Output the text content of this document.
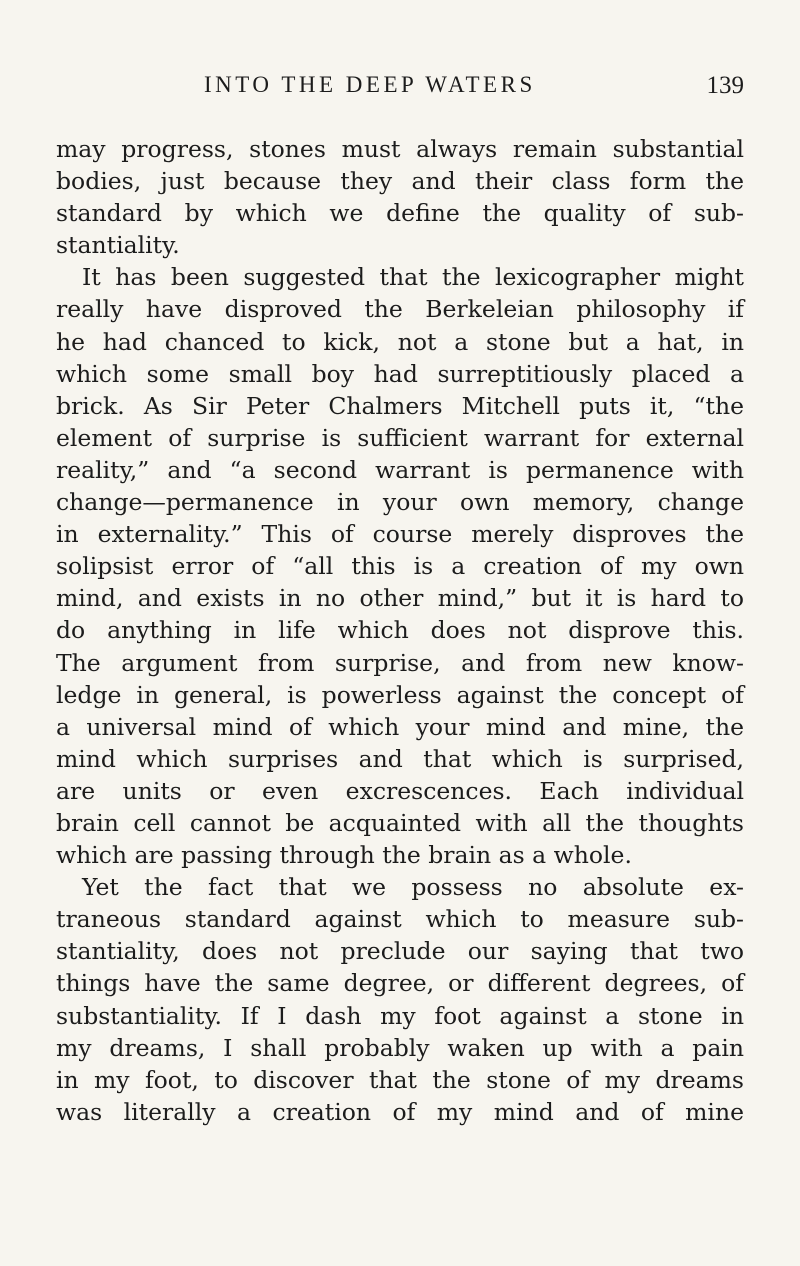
INTO THE DEEP WATERS	139
may progress, stones must always remain substantial
bodies, just because they and their class form the
standard by which we define the quality of sub-
stantiality.
It has been suggested that the lexicographer might
really have disproved the Berkeleian philosophy if
he had chanced to kick, not a stone but a hat, in
which some small boy had surreptitiously placed a
brick. As Sir Peter Chalmers Mitchell puts it, “the
element of surprise is sufficient warrant for external
reality,” and “a second warrant is permanence with
change—permanence in your own memory, change
in externality.” This of course merely disproves the
solipsist error of “all this is a creation of my own
mind, and exists in no other mind,” but it is hard to
do anything in life which does not disprove this.
The argument from surprise, and from new know-
ledge in general, is powerless against the concept of
a universal mind of which your mind and mine, the
mind which surprises and that which is surprised,
are units or even excrescences. Each individual
brain cell cannot be acquainted with all the thoughts
which are passing through the brain as a whole.
Yet the fact that we possess no absolute ex-
traneous standard against which to measure sub-
stantiality, does not preclude our saying that two
things have the same degree, or different degrees, of
substantiality. If I dash my foot against a stone in
my dreams, I shall probably waken up with a pain
in my foot, to discover that the stone of my dreams
was literally a creation of my mind and of mine
